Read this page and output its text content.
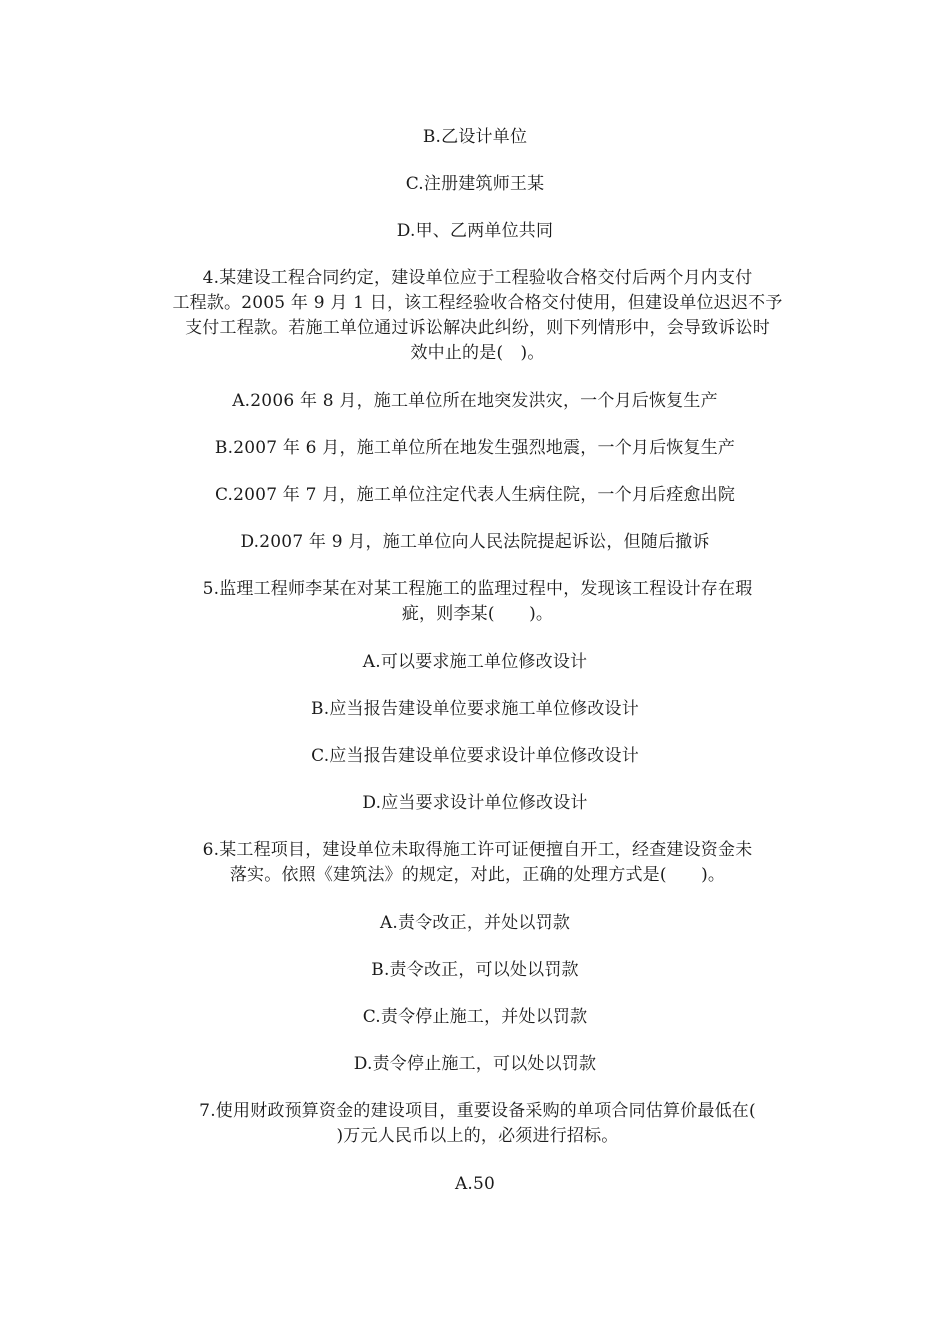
B.乙设计单位
C.注册建筑师王某
D.甲、乙两单位共同
4.某建设工程合同约定，建设单位应于工程验收合格交付后两个月内支付
工程款。2005 年 9 月 1 日，该工程经验收合格交付使用，但建设单位迟迟不予
支付工程款。若施工单位通过诉讼解决此纠纷，则下列情形中，会导致诉讼时
效中止的是(　)。
A.2006 年 8 月，施工单位所在地突发洪灾，一个月后恢复生产
B.2007 年 6 月，施工单位所在地发生强烈地震，一个月后恢复生产
C.2007 年 7 月，施工单位注定代表人生病住院，一个月后痊愈出院
D.2007 年 9 月，施工单位向人民法院提起诉讼，但随后撤诉
5.监理工程师李某在对某工程施工的监理过程中，发现该工程设计存在瑕
疵，则李某(　　)。
A.可以要求施工单位修改设计
B.应当报告建设单位要求施工单位修改设计
C.应当报告建设单位要求设计单位修改设计
D.应当要求设计单位修改设计
6.某工程项目，建设单位未取得施工许可证便擅自开工，经查建设资金未
落实。依照《建筑法》的规定，对此，正确的处理方式是(　　)。
A.责令改正，并处以罚款
B.责令改正，可以处以罚款
C.责令停止施工，并处以罚款
D.责令停止施工，可以处以罚款
7.使用财政预算资金的建设项目，重要设备采购的单项合同估算价最低在(
)万元人民币以上的，必须进行招标。
A.50
